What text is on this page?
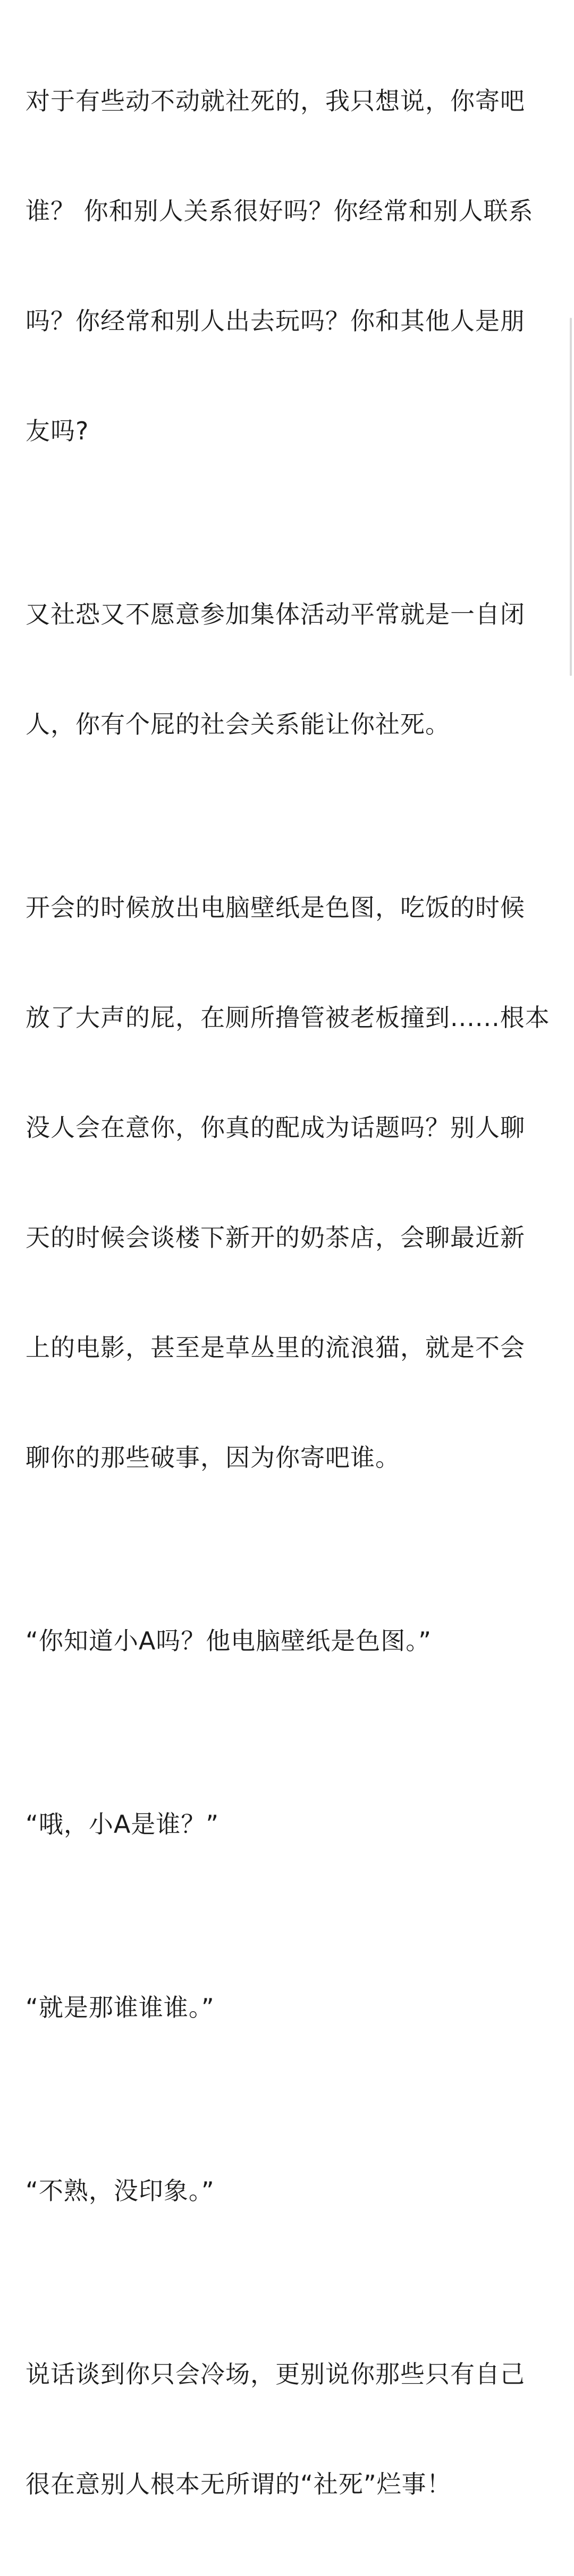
对于有些动不动就社死的，我只想说，你寄吧

谁？ 你和别人关系很好吗？你经常和别人联系

吗？你经常和别人出去玩吗？你和其他人是朋

友吗?

又社恐又不愿意参加集体活动平常就是一自闭

人，你有个屁的社会关系能让你社死。

开会的时候放出电脑壁纸是色图，吃饭的时候

放了大声的屁，在厕所撸管被老板撞到......根本

没人会在意你，你真的配成为话题吗？别人聊

天的时候会谈楼下新开的奶茶店，会聊最近新

上的电影，甚至是草丛里的流浪猫，就是不会

聊你的那些破事，因为你寄吧谁。

“你知道小A吗？他电脑壁纸是色图。”

“哦，小A是谁？”

“就是那谁谁谁。”

“不熟，没印象。”

说话谈到你只会冷场，更别说你那些只有自己

很在意别人根本无所谓的“社死”烂事！
